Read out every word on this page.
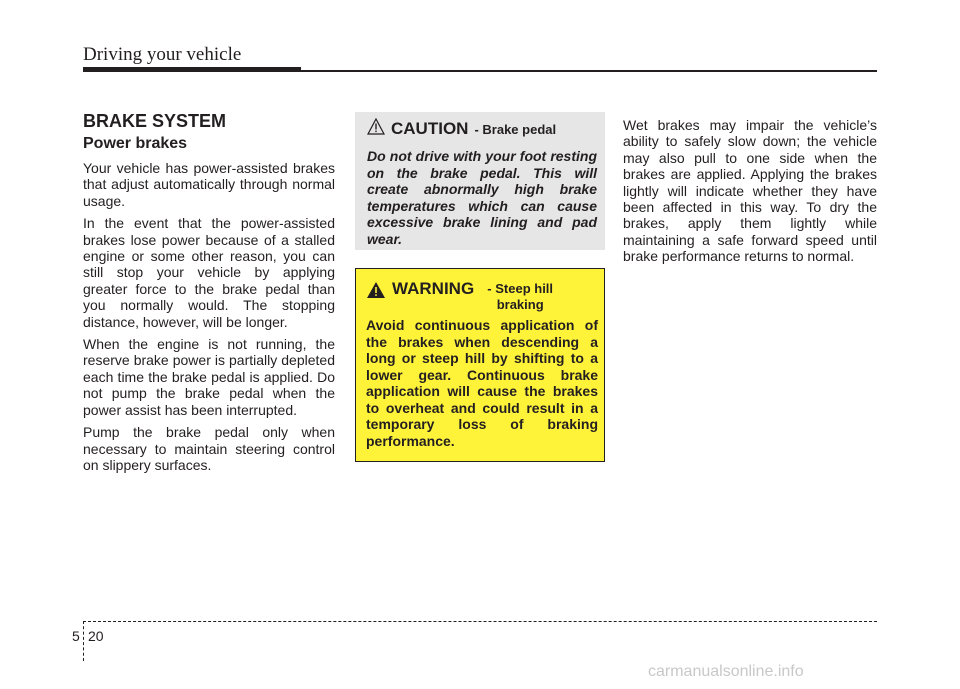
Driving your vehicle
BRAKE SYSTEM
Power brakes

Your vehicle has power-assisted brakes that adjust automatically through normal usage.

In the event that the power-assisted brakes lose power because of a stalled engine or some other reason, you can still stop your vehicle by applying greater force to the brake pedal than you normally would. The stopping distance, however, will be longer.

When the engine is not running, the reserve brake power is partially depleted each time the brake pedal is applied. Do not pump the brake pedal when the power assist has been interrupted.

Pump the brake pedal only when necessary to maintain steering control on slippery surfaces.

CAUTION - Brake pedal
Do not drive with your foot resting on the brake pedal. This will create abnormally high brake temperatures which can cause excessive brake lining and pad wear.
WARNING	- Steep hill braking
Avoid continuous application of the brakes when descending a long or steep hill by shifting to a lower gear. Continuous brake application will cause the brakes to overheat and could result in a temporary loss of braking performance.

Wet brakes may impair the vehicle’s ability to safely slow down; the vehicle may also pull to one side when the brakes are applied. Applying the brakes lightly will indicate whether they have been affected in this way. To dry the brakes, apply them lightly while maintaining a safe forward speed until brake performance returns to normal.

5 20
carmanualsonline.info
